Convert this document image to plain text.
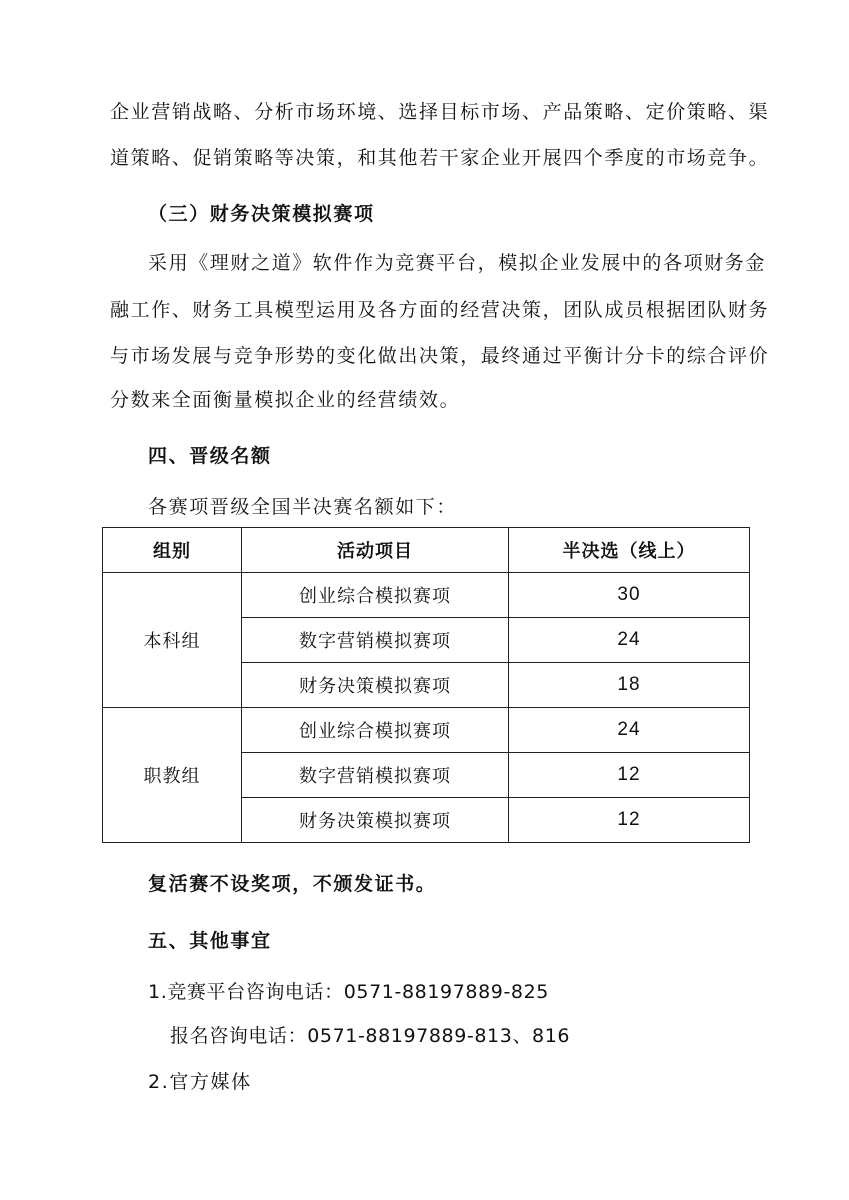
企业营销战略、分析市场环境、选择目标市场、产品策略、定价策略、渠
道策略、促销策略等决策，和其他若干家企业开展四个季度的市场竞争。
（三）财务决策模拟赛项
采用《理财之道》软件作为竞赛平台，模拟企业发展中的各项财务金
融工作、财务工具模型运用及各方面的经营决策，团队成员根据团队财务
与市场发展与竞争形势的变化做出决策，最终通过平衡计分卡的综合评价
分数来全面衡量模拟企业的经营绩效。
四、晋级名额
各赛项晋级全国半决赛名额如下：
组别	活动项目	半决选（线上）
本科组	创业综合模拟赛项	30
	数字营销模拟赛项	24
	财务决策模拟赛项	18
职教组	创业综合模拟赛项	24
	数字营销模拟赛项	12
	财务决策模拟赛项	12
复活赛不设奖项，不颁发证书。
五、其他事宜
1.竞赛平台咨询电话：0571-88197889-825
报名咨询电话：0571-88197889-813、816
2.官方媒体
